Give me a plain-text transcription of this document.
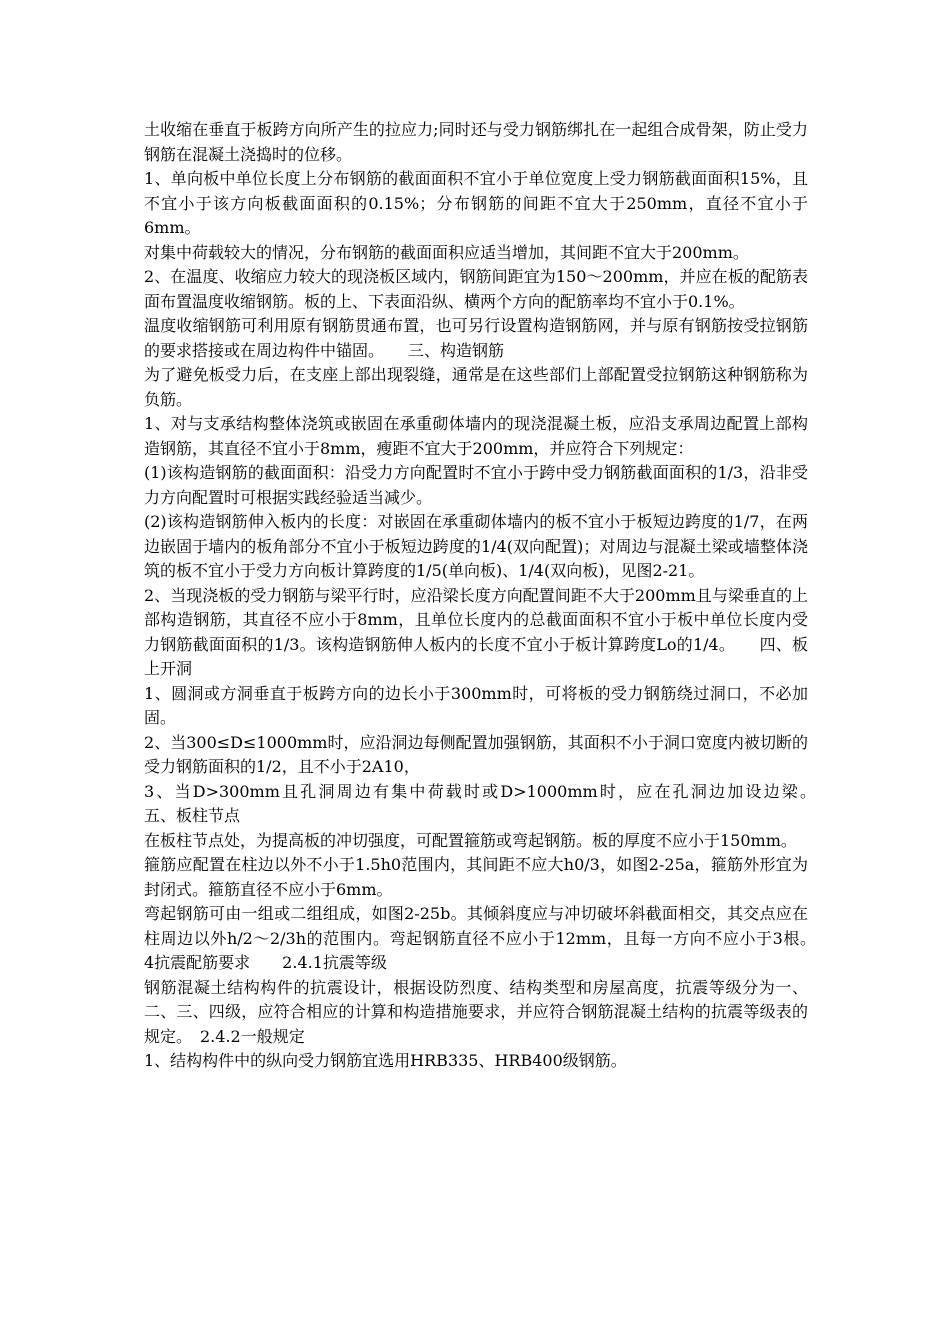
土收缩在垂直于板跨方向所产生的拉应力;同时还与受力钢筋绑扎在一起组合成骨架，防止受力钢筋在混凝土浇捣时的位移。

1、单向板中单位长度上分布钢筋的截面面积不宜小于单位宽度上受力钢筋截面面积15%，且不宜小于该方向板截面面积的0.15%；分布钢筋的间距不宜大于250mm，直径不宜小于6mm。

对集中荷载较大的情况，分布钢筋的截面面积应适当增加，其间距不宜大于200mm。

2、在温度、收缩应力较大的现浇板区域内，钢筋间距宜为150～200mm，并应在板的配筋表面布置温度收缩钢筋。板的上、下表面沿纵、横两个方向的配筋率均不宜小于0.1%。

温度收缩钢筋可利用原有钢筋贯通布置，也可另行设置构造钢筋网，并与原有钢筋按受拉钢筋的要求搭接或在周边构件中锚固。　　三、构造钢筋

为了避免板受力后，在支座上部出现裂缝，通常是在这些部们上部配置受拉钢筋这种钢筋称为负筋。

1、对与支承结构整体浇筑或嵌固在承重砌体墙内的现浇混凝土板，应沿支承周边配置上部构造钢筋，其直径不宜小于8mm，瘦距不宜大于200mm，并应符合下列规定：

(1)该构造钢筋的截面面积：沿受力方向配置时不宜小于跨中受力钢筋截面面积的1/3，沿非受力方向配置时可根据实践经验适当减少。

(2)该构造钢筋伸入板内的长度：对嵌固在承重砌体墙内的板不宜小于板短边跨度的1/7，在两边嵌固于墙内的板角部分不宜小于板短边跨度的1/4(双向配置)；对周边与混凝土梁或墙整体浇筑的板不宜小于受力方向板计算跨度的1/5(单向板)、1/4(双向板)，见图2-21。

2、当现浇板的受力钢筋与梁平行时，应沿梁长度方向配置间距不大于200mm且与梁垂直的上部构造钢筋，其直径不应小于8mm，且单位长度内的总截面面积不宜小于板中单位长度内受力钢筋截面面积的1/3。该构造钢筋伸人板内的长度不宜小于板计算跨度Lo的1/4。　　四、板上开洞

1、圆洞或方洞垂直于板跨方向的边长小于300mm时，可将板的受力钢筋绕过洞口，不必加固。

2、当300≤D≤1000mm时，应沿洞边每侧配置加强钢筋，其面积不小于洞口宽度内被切断的受力钢筋面积的1/2，且不小于2A10，

3、当D>300mm且孔洞周边有集中荷载时或D>1000mm时，应在孔洞边加设边梁。　　五、板柱节点

在板柱节点处，为提高板的冲切强度，可配置箍筋或弯起钢筋。板的厚度不应小于150mm。

箍筋应配置在柱边以外不小于1.5h0范围内，其间距不应大h0/3，如图2-25a，箍筋外形宜为封闭式。箍筋直径不应小于6mm。

弯起钢筋可由一组或二组组成，如图2-25b。其倾斜度应与冲切破坏斜截面相交，其交点应在柱周边以外h/2～2/3h的范围内。弯起钢筋直径不应小于12mm，且每一方向不应小于3根。　　4抗震配筋要求　　2.4.1抗震等级

钢筋混凝土结构构件的抗震设计，根据设防烈度、结构类型和房屋高度，抗震等级分为一、二、三、四级，应符合相应的计算和构造措施要求，并应符合钢筋混凝土结构的抗震等级表的规定。　2.4.2一般规定

1、结构构件中的纵向受力钢筋宜选用HRB335、HRB400级钢筋。
